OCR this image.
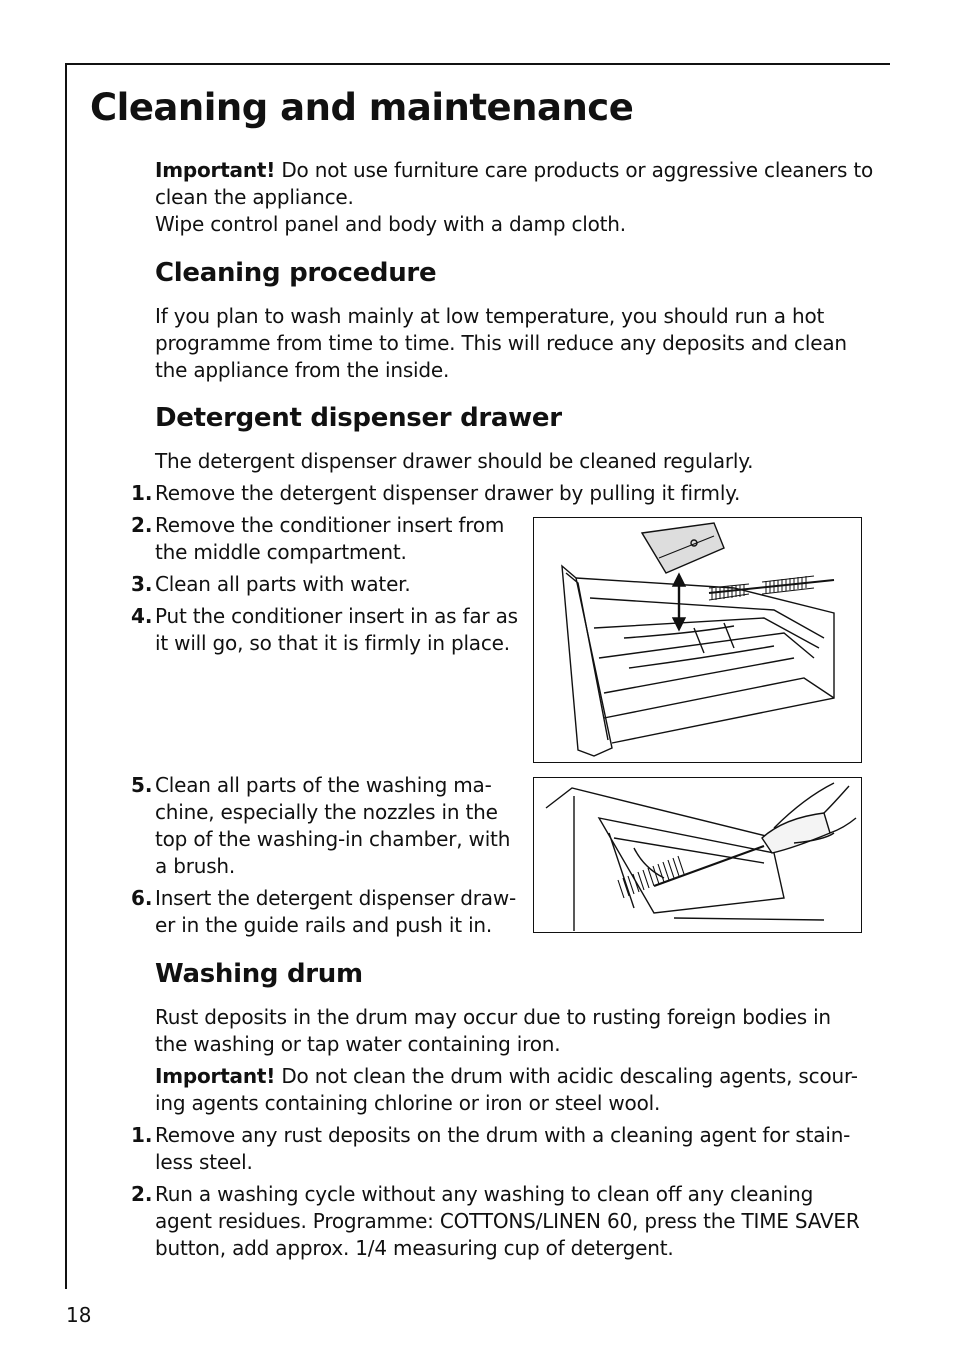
Cleaning and maintenance
Important! Do not use furniture care products or aggressive cleaners to
clean the appliance.
Wipe control panel and body with a damp cloth.
Cleaning procedure
If you plan to wash mainly at low temperature, you should run a hot
programme from time to time. This will reduce any deposits and clean
the appliance from the inside.
Detergent dispenser drawer
The detergent dispenser drawer should be cleaned regularly.
1. Remove the detergent dispenser drawer by pulling it firmly.
2. Remove the conditioner insert from
the middle compartment.
3. Clean all parts with water.
4. Put the conditioner insert in as far as
it will go, so that it is firmly in place.
5. Clean all parts of the washing ma-
chine, especially the nozzles in the
top of the washing-in chamber, with
a brush.
6. Insert the detergent dispenser draw-
er in the guide rails and push it in.
Washing drum
Rust deposits in the drum may occur due to rusting foreign bodies in
the washing or tap water containing iron.
Important! Do not clean the drum with acidic descaling agents, scour-
ing agents containing chlorine or iron or steel wool.
1. Remove any rust deposits on the drum with a cleaning agent for stain-
less steel.
2. Run a washing cycle without any washing to clean off any cleaning
agent residues. Programme: COTTONS/LINEN 60, press the TIME SAVER
button, add approx. 1/4 measuring cup of detergent.
18
